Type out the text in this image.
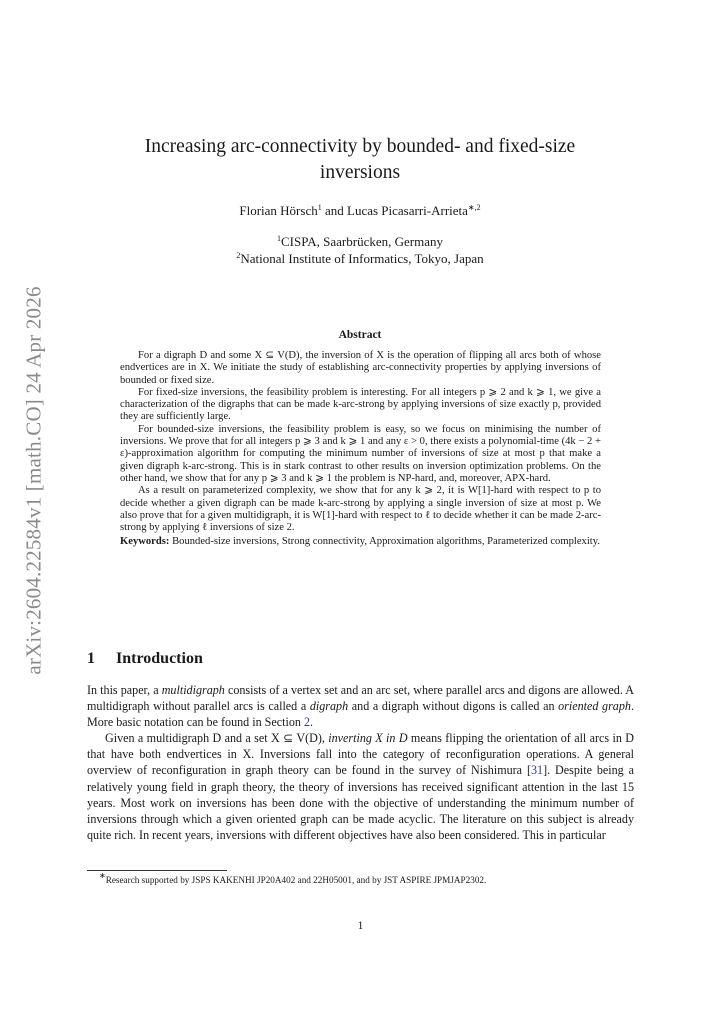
arXiv:2604.22584v1 [math.CO] 24 Apr 2026
Increasing arc-connectivity by bounded- and fixed-size inversions
Florian Hörsch$^1$ and Lucas Picasarri-Arrieta$^{∗,2}$
$^1$CISPA, Saarbrücken, Germany
$^2$National Institute of Informatics, Tokyo, Japan
Abstract

For a digraph D and some X ⊆ V(D), the inversion of X is the operation of flipping all arcs both of whose endvertices are in X. We initiate the study of establishing arc-connectivity properties by applying inversions of bounded or fixed size.

For fixed-size inversions, the feasibility problem is interesting. For all integers p ⩾ 2 and k ⩾ 1, we give a characterization of the digraphs that can be made k-arc-strong by applying inversions of size exactly p, provided they are sufficiently large.

For bounded-size inversions, the feasibility problem is easy, so we focus on minimising the number of inversions. We prove that for all integers p ⩾ 3 and k ⩾ 1 and any ε > 0, there exists a polynomial-time (4k − 2 + ε)-approximation algorithm for computing the minimum number of inversions of size at most p that make a given digraph k-arc-strong. This is in stark contrast to other results on inversion optimization problems. On the other hand, we show that for any p ⩾ 3 and k ⩾ 1 the problem is NP-hard, and, moreover, APX-hard.

As a result on parameterized complexity, we show that for any k ⩾ 2, it is W[1]-hard with respect to p to decide whether a given digraph can be made k-arc-strong by applying a single inversion of size at most p. We also prove that for a given multidigraph, it is W[1]-hard with respect to ℓ to decide whether it can be made 2-arc-strong by applying ℓ inversions of size 2.

Keywords: Bounded-size inversions, Strong connectivity, Approximation algorithms, Parameterized complexity.

1 Introduction

In this paper, a multidigraph consists of a vertex set and an arc set, where parallel arcs and digons are allowed. A multidigraph without parallel arcs is called a digraph and a digraph without digons is called an oriented graph. More basic notation can be found in Section 2.

Given a multidigraph D and a set X ⊆ V(D), inverting X in D means flipping the orientation of all arcs in D that have both endvertices in X. Inversions fall into the category of reconfiguration operations. A general overview of reconfiguration in graph theory can be found in the survey of Nishimura [31]. Despite being a relatively young field in graph theory, the theory of inversions has received significant attention in the last 15 years. Most work on inversions has been done with the objective of understanding the minimum number of inversions through which a given oriented graph can be made acyclic. The literature on this subject is already quite rich. In recent years, inversions with different objectives have also been considered. This in particular

∗Research supported by JSPS KAKENHI JP20A402 and 22H05001, and by JST ASPIRE JPMJAP2302.
1
